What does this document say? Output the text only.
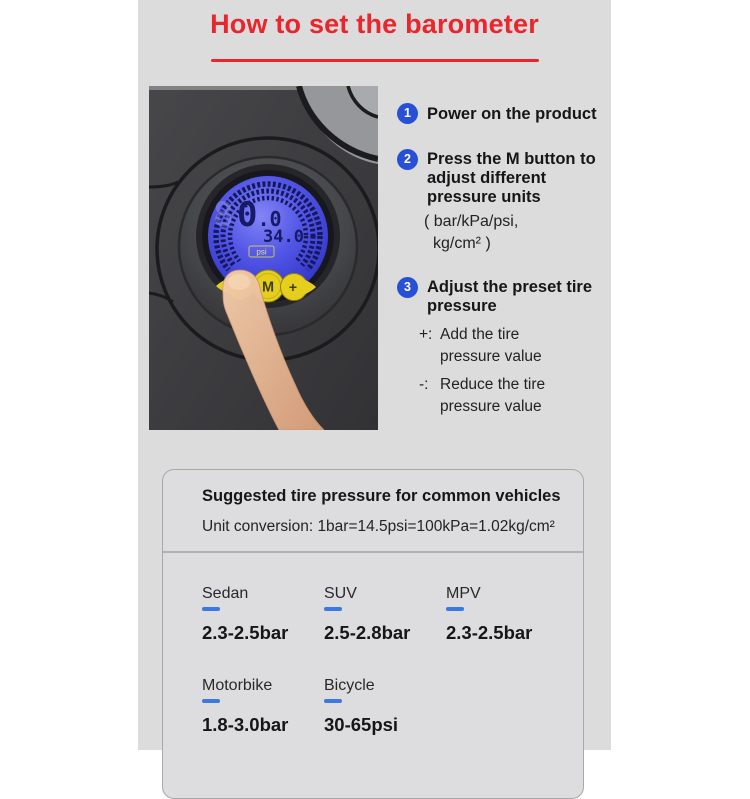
How to set the barometer
8 0.0
34.0
psi
M +
1 Power on the product
2 Press the M button to adjust different pressure units
( bar/kPa/psi,
kg/cm² )
3 Adjust the preset tire pressure
+: Add the tire pressure value
-: Reduce the tire pressure value
Suggested tire pressure for common vehicles
Unit conversion: 1bar=14.5psi=100kPa=1.02kg/cm²
Sedan
2.3-2.5bar
SUV
2.5-2.8bar
MPV
2.3-2.5bar
Motorbike
1.8-3.0bar
Bicycle
30-65psi
